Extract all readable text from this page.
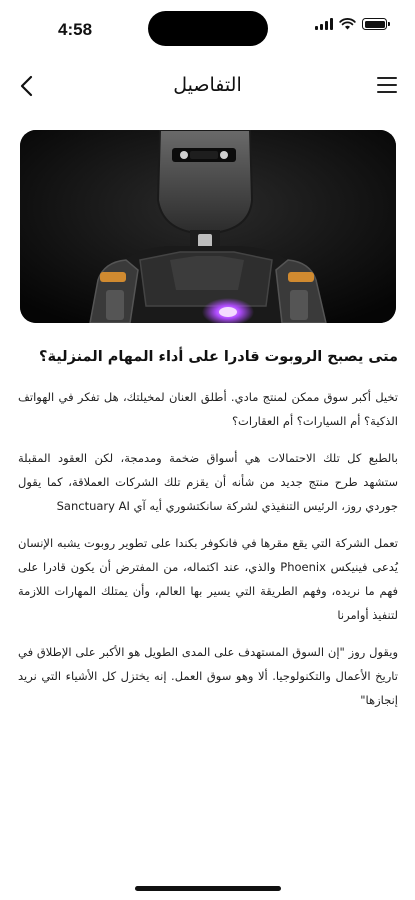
4:58
التفاصيل
متى يصبح الروبوت قادرا على أداء المهام المنزلية؟

تخيل أكبر سوق ممكن لمنتج مادي. أطلق العنان لمخيلتك، هل تفكر في الهواتف الذكية؟ أم السيارات؟ أم العقارات؟

بالطبع كل تلك الاحتمالات هي أسواق ضخمة ومدمجة، لكن العقود المقبلة ستشهد طرح منتج جديد من شأنه أن يقزم تلك الشركات العملاقة، كما يقول جوردي روز، الرئيس التنفيذي لشركة سانكتشوري أيه آي Sanctuary AI

تعمل الشركة التي يقع مقرها في فانكوفر بكندا على تطوير روبوت يشبه الإنسان يُدعى فينيكس Phoenix والذي، عند اكتماله، من المفترض أن يكون قادرا على فهم ما نريده، وفهم الطريقة التي يسير بها العالم، وأن يمتلك المهارات اللازمة لتنفيذ أوامرنا

ويقول روز "إن السوق المستهدف على المدى الطويل هو الأكبر على الإطلاق في تاريخ الأعمال والتكنولوجيا. ألا وهو سوق العمل. إنه يختزل كل الأشياء التي نريد إنجازها"
